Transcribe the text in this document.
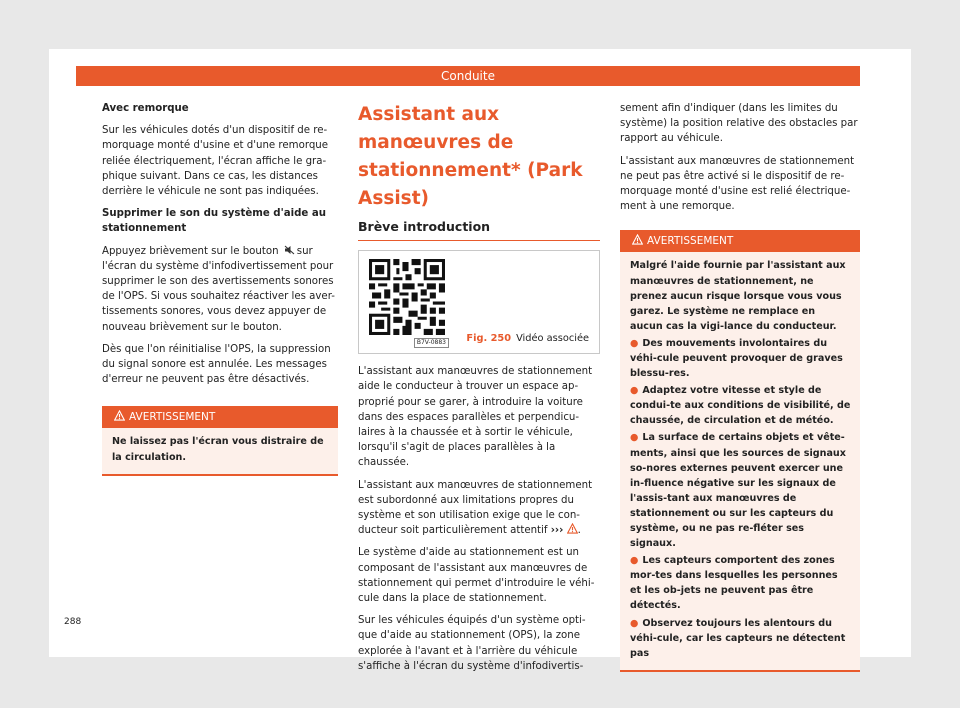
Conduite

Avec remorque

Sur les véhicules dotés d'un dispositif de re-morquage monté d'usine et d'une remorque reliée électriquement, l'écran affiche le gra-phique suivant. Dans ce cas, les distances derrière le véhicule ne sont pas indiquées.

Supprimer le son du système d'aide au stationnement

Appuyez brièvement sur le bouton sur l'écran du système d'infodivertissement pour supprimer le son des avertissements sonores de l'OPS. Si vous souhaitez réactiver les aver-tissements sonores, vous devez appuyer de nouveau brièvement sur le bouton.

Dès que l'on réinitialise l'OPS, la suppression du signal sonore est annulée. Les messages d'erreur ne peuvent pas être désactivés.

AVERTISSEMENT

Ne laissez pas l'écran vous distraire de la circulation.

Assistant aux manœuvres de stationnement* (Park Assist)
Brève introduction
B7V-0883	Fig. 250 Vidéo associée

L'assistant aux manœuvres de stationnement aide le conducteur à trouver un espace ap-proprié pour se garer, à introduire la voiture dans des espaces parallèles et perpendicu-laires à la chaussée et à sortir le véhicule, lorsqu'il s'agit de places parallèles à la chaussée.

L'assistant aux manœuvres de stationnement est subordonné aux limitations propres du système et son utilisation exige que le con-ducteur soit particulièrement attentif ››› .

Le système d'aide au stationnement est un composant de l'assistant aux manœuvres de stationnement qui permet d'introduire le véhi-cule dans la place de stationnement.

Sur les véhicules équipés d'un système opti-que d'aide au stationnement (OPS), la zone explorée à l'avant et à l'arrière du véhicule s'affiche à l'écran du système d'infodivertis-

sement afin d'indiquer (dans les limites du système) la position relative des obstacles par rapport au véhicule.

L'assistant aux manœuvres de stationnement ne peut pas être activé si le dispositif de re-morquage monté d'usine est relié électrique-ment à une remorque.

AVERTISSEMENT

Malgré l'aide fournie par l'assistant aux manœuvres de stationnement, ne prenez aucun risque lorsque vous vous garez. Le système ne remplace en aucun cas la vigi-lance du conducteur.

● Des mouvements involontaires du véhi-cule peuvent provoquer de graves blessu-res.

● Adaptez votre vitesse et style de condui-te aux conditions de visibilité, de chaussée, de circulation et de météo.

● La surface de certains objets et vête-ments, ainsi que les sources de signaux so-nores externes peuvent exercer une in-fluence négative sur les signaux de l'assis-tant aux manœuvres de stationnement ou sur les capteurs du système, ou ne pas re-fléter ses signaux.

● Les capteurs comportent des zones mor-tes dans lesquelles les personnes et les ob-jets ne peuvent pas être détectés.

● Observez toujours les alentours du véhi-cule, car les capteurs ne détectent pas

288
